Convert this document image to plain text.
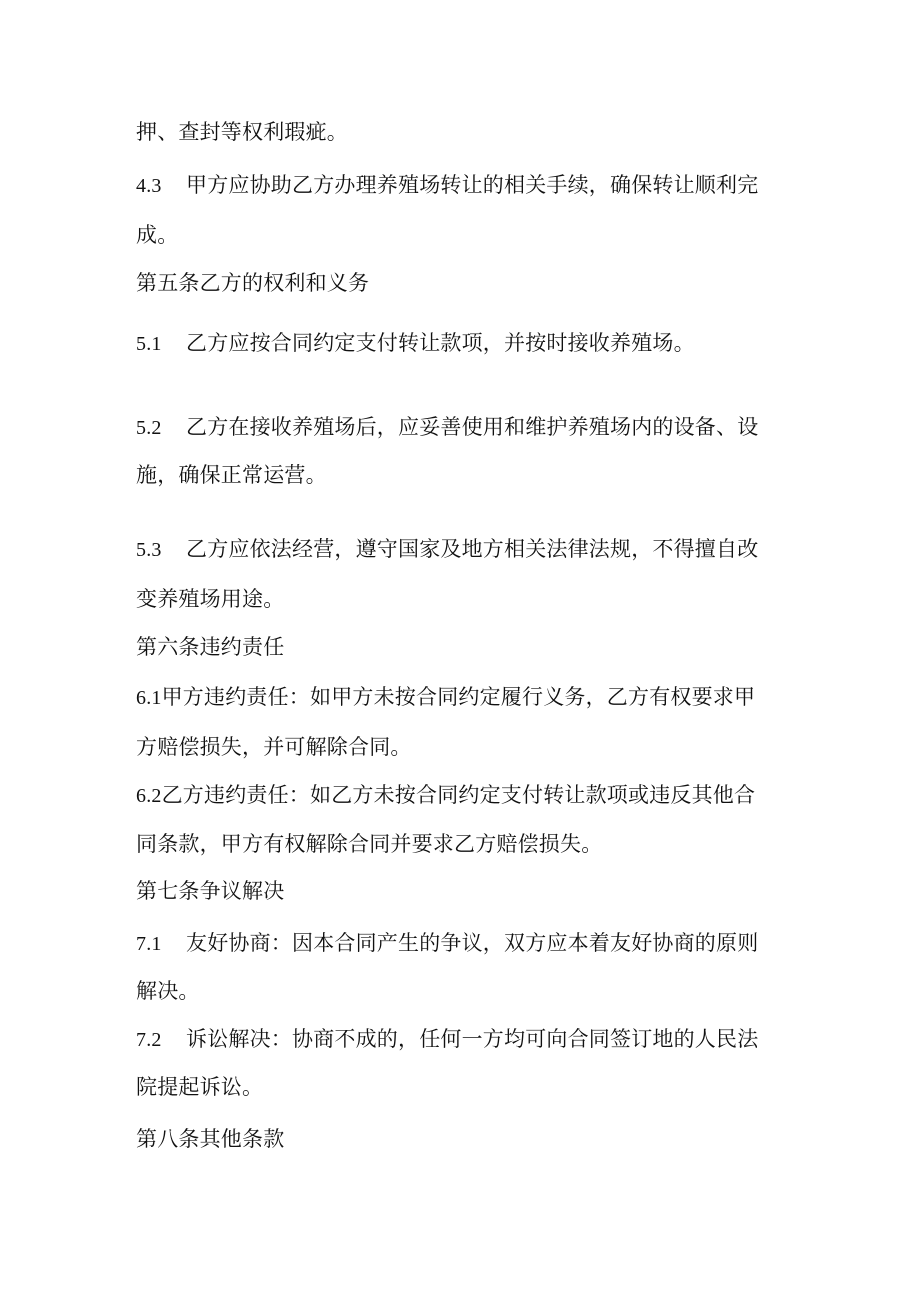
押、查封等权利瑕疵。
4.3 甲方应协助乙方办理养殖场转让的相关手续，确保转让顺利完
成。
第五条乙方的权利和义务
5.1 乙方应按合同约定支付转让款项，并按时接收养殖场。
5.2 乙方在接收养殖场后，应妥善使用和维护养殖场内的设备、设
施，确保正常运营。
5.3 乙方应依法经营，遵守国家及地方相关法律法规，不得擅自改
变养殖场用途。
第六条违约责任
6.1甲方违约责任：如甲方未按合同约定履行义务，乙方有权要求甲
方赔偿损失，并可解除合同。
6.2乙方违约责任：如乙方未按合同约定支付转让款项或违反其他合
同条款，甲方有权解除合同并要求乙方赔偿损失。
第七条争议解决
7.1 友好协商：因本合同产生的争议，双方应本着友好协商的原则
解决。
7.2 诉讼解决：协商不成的，任何一方均可向合同签订地的人民法
院提起诉讼。
第八条其他条款
